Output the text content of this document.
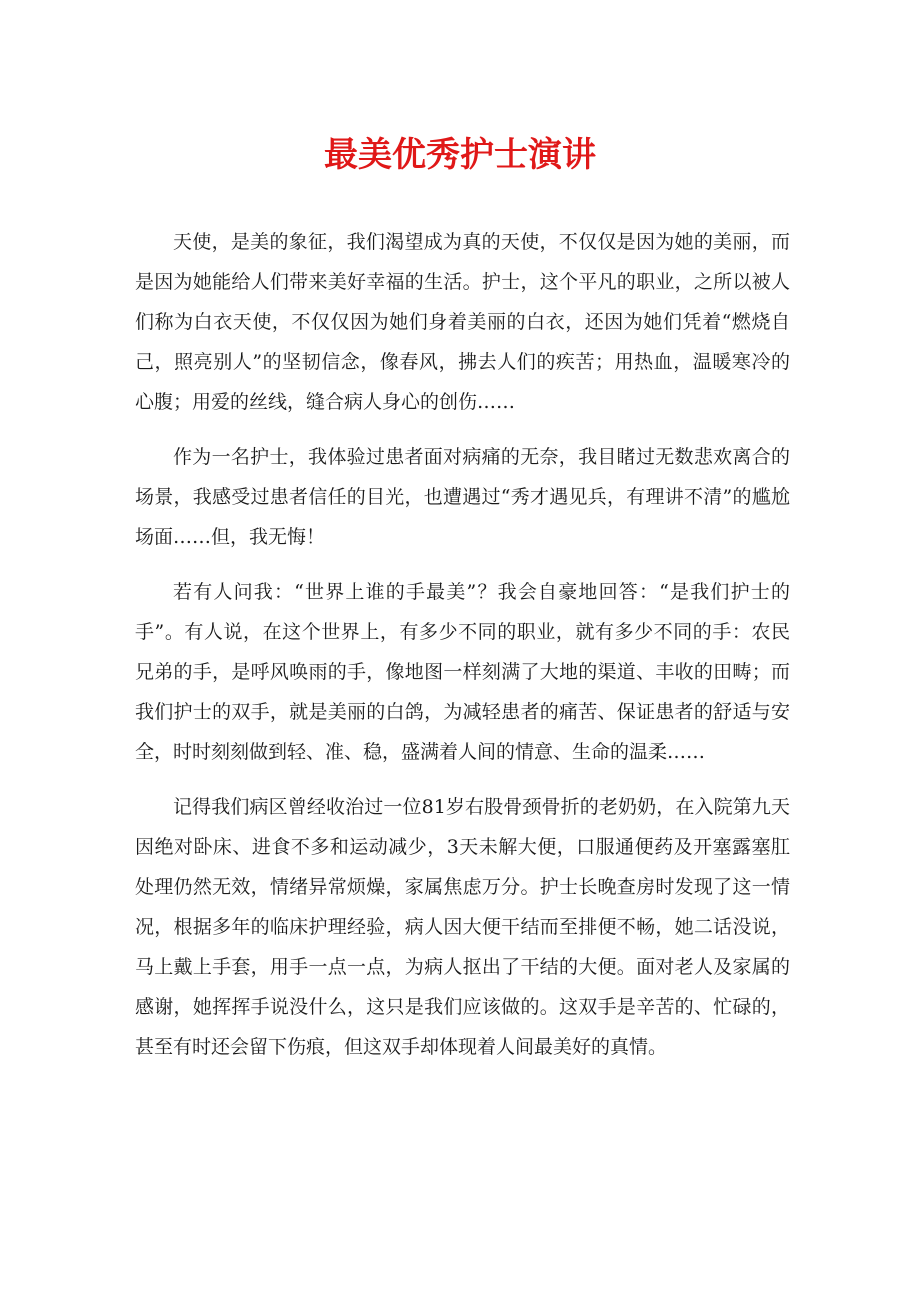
最美优秀护士演讲

天使，是美的象征，我们渴望成为真的天使，不仅仅是因为她的美丽，而是因为她能给人们带来美好幸福的生活。护士，这个平凡的职业，之所以被人们称为白衣天使，不仅仅因为她们身着美丽的白衣，还因为她们凭着“燃烧自己，照亮别人”的坚韧信念，像春风，拂去人们的疾苦；用热血，温暖寒冷的心腹；用爱的丝线，缝合病人身心的创伤……

作为一名护士，我体验过患者面对病痛的无奈，我目睹过无数悲欢离合的场景，我感受过患者信任的目光，也遭遇过“秀才遇见兵，有理讲不清”的尴尬场面……但，我无悔！

若有人问我：“世界上谁的手最美”？我会自豪地回答：“是我们护士的手”。有人说，在这个世界上，有多少不同的职业，就有多少不同的手：农民兄弟的手，是呼风唤雨的手，像地图一样刻满了大地的渠道、丰收的田畴；而我们护士的双手，就是美丽的白鸽，为减轻患者的痛苦、保证患者的舒适与安全，时时刻刻做到轻、准、稳，盛满着人间的情意、生命的温柔……

记得我们病区曾经收治过一位81岁右股骨颈骨折的老奶奶，在入院第九天因绝对卧床、进食不多和运动减少，3天未解大便，口服通便药及开塞露塞肛处理仍然无效，情绪异常烦燥，家属焦虑万分。护士长晚查房时发现了这一情况，根据多年的临床护理经验，病人因大便干结而至排便不畅，她二话没说，马上戴上手套，用手一点一点，为病人抠出了干结的大便。面对老人及家属的感谢，她挥挥手说没什么，这只是我们应该做的。这双手是辛苦的、忙碌的，甚至有时还会留下伤痕，但这双手却体现着人间最美好的真情。
